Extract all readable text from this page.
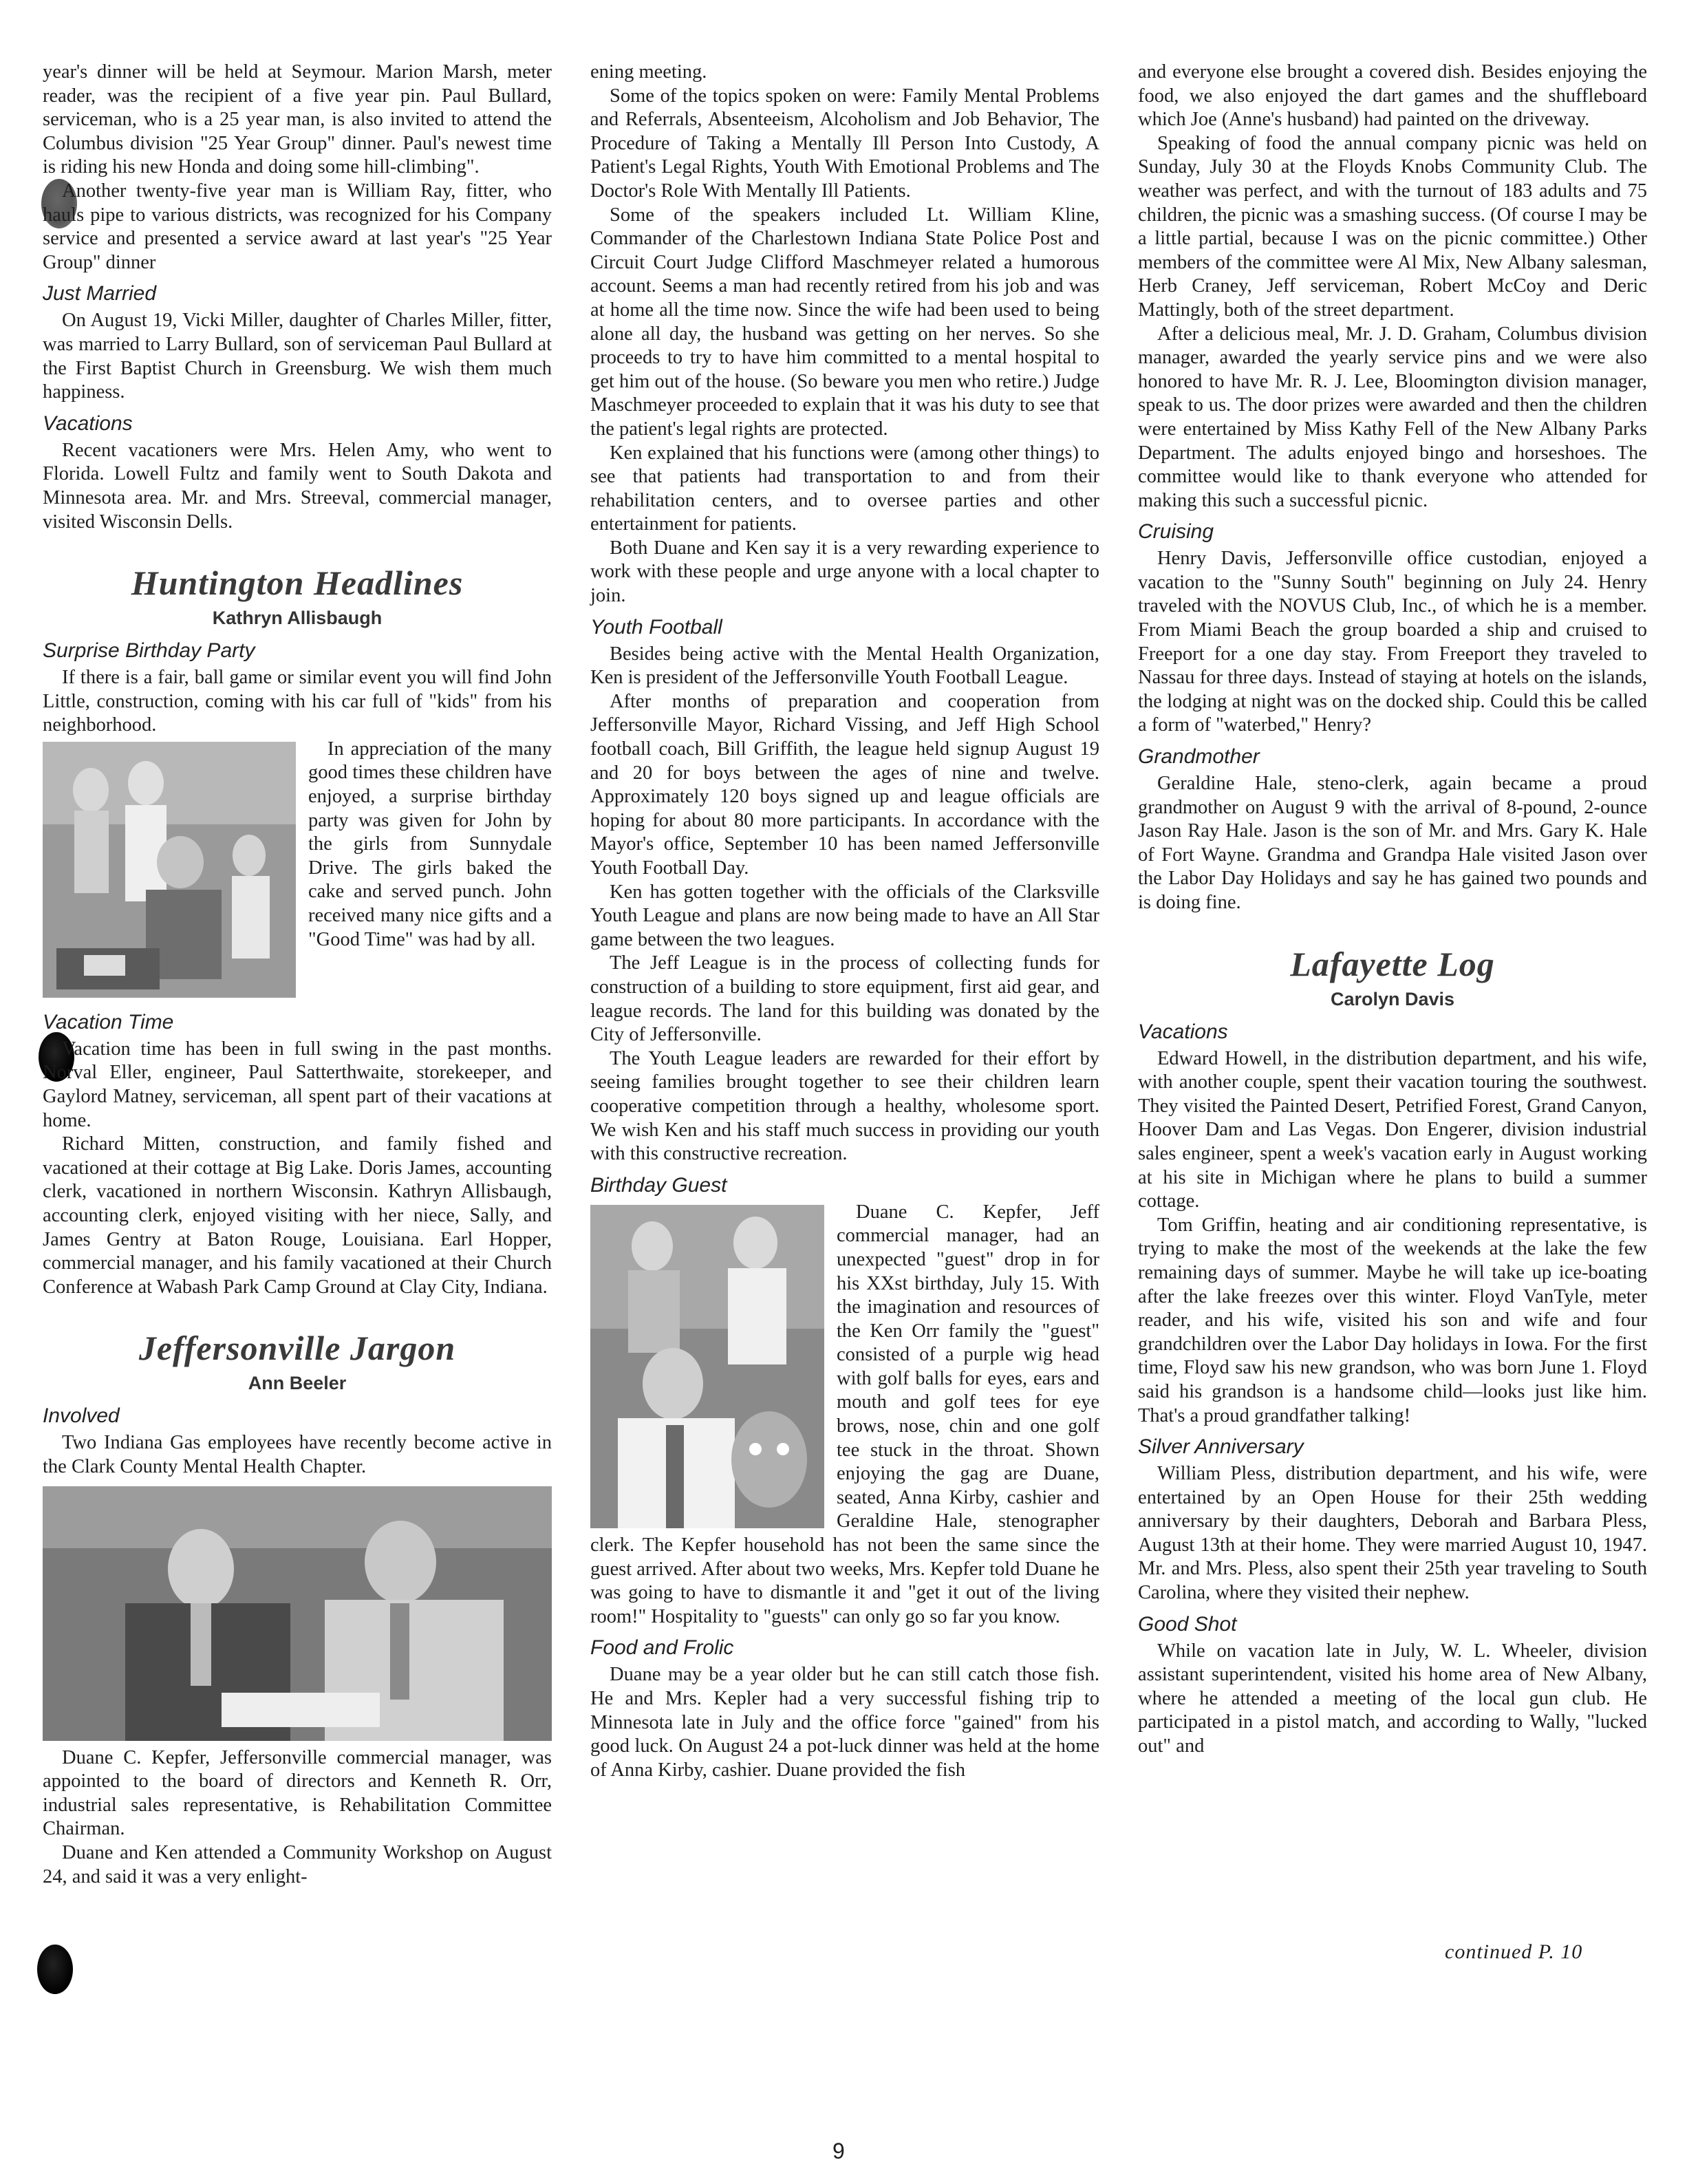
year's dinner will be held at Seymour. Marion Marsh, meter reader, was the recipient of a five year pin. Paul Bullard, serviceman, who is a 25 year man, is also invited to attend the Columbus division "25 Year Group" dinner. Paul's newest time is riding his new Honda and doing some hill-climbing".

Another twenty-five year man is William Ray, fitter, who hauls pipe to various districts, was recognized for his Company service and presented a service award at last year's "25 Year Group" dinner

Just Married

On August 19, Vicki Miller, daughter of Charles Miller, fitter, was married to Larry Bullard, son of serviceman Paul Bullard at the First Baptist Church in Greensburg. We wish them much happiness.

Vacations

Recent vacationers were Mrs. Helen Amy, who went to Florida. Lowell Fultz and family went to South Dakota and Minnesota area. Mr. and Mrs. Streeval, commercial manager, visited Wisconsin Dells.

Huntington Headlines
Kathryn Allisbaugh
Surprise Birthday Party

If there is a fair, ball game or similar event you will find John Little, construction, coming with his car full of "kids" from his neighborhood.

In appreciation of the many good times these children have enjoyed, a surprise birthday party was given for John by the girls from Sunnydale Drive. The girls baked the cake and served punch. John received many nice gifts and a "Good Time" was had by all.

Vacation Time

Vacation time has been in full swing in the past months. Norval Eller, engineer, Paul Satterthwaite, storekeeper, and Gaylord Matney, serviceman, all spent part of their vacations at home.

Richard Mitten, construction, and family fished and vacationed at their cottage at Big Lake. Doris James, accounting clerk, vacationed in northern Wisconsin. Kathryn Allisbaugh, accounting clerk, enjoyed visiting with her niece, Sally, and James Gentry at Baton Rouge, Louisiana. Earl Hopper, commercial manager, and his family vacationed at their Church Conference at Wabash Park Camp Ground at Clay City, Indiana.

Jeffersonville Jargon
Ann Beeler
Involved

Two Indiana Gas employees have recently become active in the Clark County Mental Health Chapter.

Duane C. Kepfer, Jeffersonville commercial manager, was appointed to the board of directors and Kenneth R. Orr, industrial sales representative, is Rehabilitation Committee Chairman.

Duane and Ken attended a Community Workshop on August 24, and said it was a very enlight-

ening meeting.

Some of the topics spoken on were: Family Mental Problems and Referrals, Absenteeism, Alcoholism and Job Behavior, The Procedure of Taking a Mentally Ill Person Into Custody, A Patient's Legal Rights, Youth With Emotional Problems and The Doctor's Role With Mentally Ill Patients.

Some of the speakers included Lt. William Kline, Commander of the Charlestown Indiana State Police Post and Circuit Court Judge Clifford Maschmeyer related a humorous account. Seems a man had recently retired from his job and was at home all the time now. Since the wife had been used to being alone all day, the husband was getting on her nerves. So she proceeds to try to have him committed to a mental hospital to get him out of the house. (So beware you men who retire.) Judge Maschmeyer proceeded to explain that it was his duty to see that the patient's legal rights are protected.

Ken explained that his functions were (among other things) to see that patients had transportation to and from their rehabilitation centers, and to oversee parties and other entertainment for patients.

Both Duane and Ken say it is a very rewarding experience to work with these people and urge anyone with a local chapter to join.

Youth Football

Besides being active with the Mental Health Organization, Ken is president of the Jeffersonville Youth Football League.

After months of preparation and cooperation from Jeffersonville Mayor, Richard Vissing, and Jeff High School football coach, Bill Griffith, the league held signup August 19 and 20 for boys between the ages of nine and twelve. Approximately 120 boys signed up and league officials are hoping for about 80 more participants. In accordance with the Mayor's office, September 10 has been named Jeffersonville Youth Football Day.

Ken has gotten together with the officials of the Clarksville Youth League and plans are now being made to have an All Star game between the two leagues.

The Jeff League is in the process of collecting funds for construction of a building to store equipment, first aid gear, and league records. The land for this building was donated by the City of Jeffersonville.

The Youth League leaders are rewarded for their effort by seeing families brought together to see their children learn cooperative competition through a healthy, wholesome sport. We wish Ken and his staff much success in providing our youth with this constructive recreation.

Birthday Guest

Duane C. Kepfer, Jeff commercial manager, had an unexpected "guest" drop in for his XXst birthday, July 15. With the imagination and resources of the Ken Orr family the "guest" consisted of a purple wig head with golf balls for eyes, ears and mouth and golf tees for eye brows, nose, chin and one golf tee stuck in the throat. Shown enjoying the gag are Duane, seated, Anna Kirby, cashier and Geraldine Hale, stenographer clerk. The Kepfer household has not been the same since the guest arrived. After about two weeks, Mrs. Kepfer told Duane he was going to have to dismantle it and "get it out of the living room!" Hospitality to "guests" can only go so far you know.

Food and Frolic

Duane may be a year older but he can still catch those fish. He and Mrs. Kepler had a very successful fishing trip to Minnesota late in July and the office force "gained" from his good luck. On August 24 a pot-luck dinner was held at the home of Anna Kirby, cashier. Duane provided the fish

and everyone else brought a covered dish. Besides enjoying the food, we also enjoyed the dart games and the shuffleboard which Joe (Anne's husband) had painted on the driveway.

Speaking of food the annual company picnic was held on Sunday, July 30 at the Floyds Knobs Community Club. The weather was perfect, and with the turnout of 183 adults and 75 children, the picnic was a smashing success. (Of course I may be a little partial, because I was on the picnic committee.) Other members of the committee were Al Mix, New Albany salesman, Herb Craney, Jeff serviceman, Robert McCoy and Deric Mattingly, both of the street department.

After a delicious meal, Mr. J. D. Graham, Columbus division manager, awarded the yearly service pins and we were also honored to have Mr. R. J. Lee, Bloomington division manager, speak to us. The door prizes were awarded and then the children were entertained by Miss Kathy Fell of the New Albany Parks Department. The adults enjoyed bingo and horseshoes. The committee would like to thank everyone who attended for making this such a successful picnic.

Cruising

Henry Davis, Jeffersonville office custodian, enjoyed a vacation to the "Sunny South" beginning on July 24. Henry traveled with the NOVUS Club, Inc., of which he is a member. From Miami Beach the group boarded a ship and cruised to Freeport for a one day stay. From Freeport they traveled to Nassau for three days. Instead of staying at hotels on the islands, the lodging at night was on the docked ship. Could this be called a form of "waterbed," Henry?

Grandmother

Geraldine Hale, steno-clerk, again became a proud grandmother on August 9 with the arrival of 8-pound, 2-ounce Jason Ray Hale. Jason is the son of Mr. and Mrs. Gary K. Hale of Fort Wayne. Grandma and Grandpa Hale visited Jason over the Labor Day Holidays and say he has gained two pounds and is doing fine.

Lafayette Log
Carolyn Davis
Vacations

Edward Howell, in the distribution department, and his wife, with another couple, spent their vacation touring the southwest. They visited the Painted Desert, Petrified Forest, Grand Canyon, Hoover Dam and Las Vegas. Don Engerer, division industrial sales engineer, spent a week's vacation early in August working at his site in Michigan where he plans to build a summer cottage.

Tom Griffin, heating and air conditioning representative, is trying to make the most of the weekends at the lake the few remaining days of summer. Maybe he will take up ice-boating after the lake freezes over this winter. Floyd VanTyle, meter reader, and his wife, visited his son and wife and four grandchildren over the Labor Day holidays in Iowa. For the first time, Floyd saw his new grandson, who was born June 1. Floyd said his grandson is a handsome child—looks just like him. That's a proud grandfather talking!

Silver Anniversary

William Pless, distribution department, and his wife, were entertained by an Open House for their 25th wedding anniversary by their daughters, Deborah and Barbara Pless, August 13th at their home. They were married August 10, 1947. Mr. and Mrs. Pless, also spent their 25th year traveling to South Carolina, where they visited their nephew.

Good Shot

While on vacation late in July, W. L. Wheeler, division assistant superintendent, visited his home area of New Albany, where he attended a meeting of the local gun club. He participated in a pistol match, and according to Wally, "lucked out" and

continued P. 10
9
